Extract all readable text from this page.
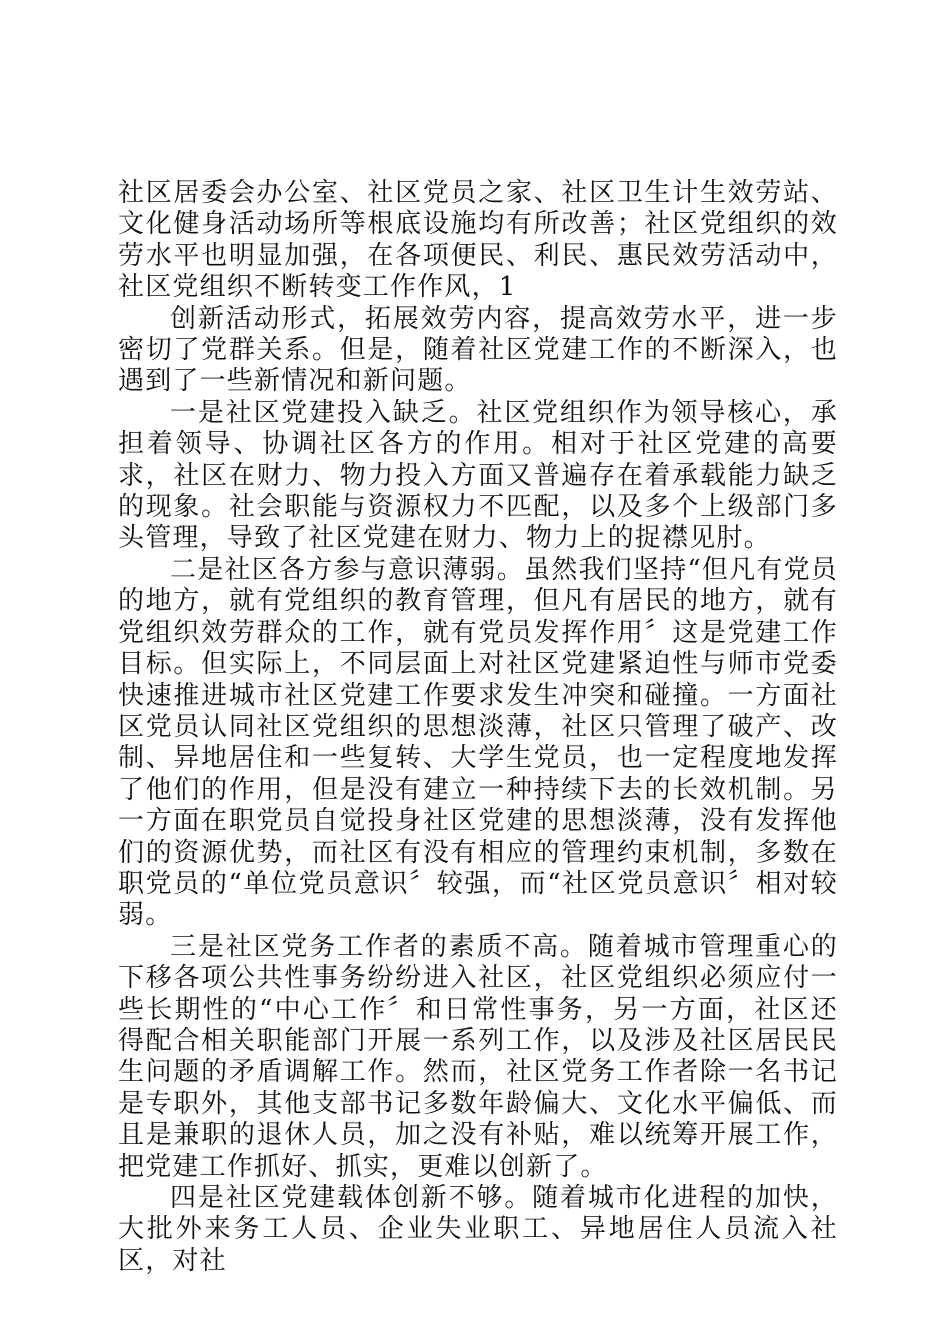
社区居委会办公室、社区党员之家、社区卫生计生效劳站、文化健身活动场所等根底设施均有所改善；社区党组织的效劳水平也明显加强，在各项便民、利民、惠民效劳活动中，社区党组织不断转变工作作风，1

创新活动形式，拓展效劳内容，提高效劳水平，进一步密切了党群关系。但是，随着社区党建工作的不断深入，也遇到了一些新情况和新问题。

一是社区党建投入缺乏。社区党组织作为领导核心，承担着领导、协调社区各方的作用。相对于社区党建的高要求，社区在财力、物力投入方面又普遍存在着承载能力缺乏的现象。社会职能与资源权力不匹配，以及多个上级部门多头管理，导致了社区党建在财力、物力上的捉襟见肘。

二是社区各方参与意识薄弱。虽然我们坚持“但凡有党员的地方，就有党组织的教育管理，但凡有居民的地方，就有党组织效劳群众的工作，就有党员发挥作用〞这是党建工作目标。但实际上，不同层面上对社区党建紧迫性与师市党委快速推进城市社区党建工作要求发生冲突和碰撞。一方面社区党员认同社区党组织的思想淡薄，社区只管理了破产、改制、异地居住和一些复转、大学生党员，也一定程度地发挥了他们的作用，但是没有建立一种持续下去的长效机制。另一方面在职党员自觉投身社区党建的思想淡薄，没有发挥他们的资源优势，而社区有没有相应的管理约束机制，多数在职党员的“单位党员意识〞较强，而“社区党员意识〞相对较弱。

三是社区党务工作者的素质不高。随着城市管理重心的下移各项公共性事务纷纷进入社区，社区党组织必须应付一些长期性的“中心工作〞和日常性事务，另一方面，社区还得配合相关职能部门开展一系列工作，以及涉及社区居民民生问题的矛盾调解工作。然而，社区党务工作者除一名书记是专职外，其他支部书记多数年龄偏大、文化水平偏低、而且是兼职的退休人员，加之没有补贴，难以统筹开展工作，把党建工作抓好、抓实，更难以创新了。

四是社区党建载体创新不够。随着城市化进程的加快，大批外来务工人员、企业失业职工、异地居住人员流入社区，对社
